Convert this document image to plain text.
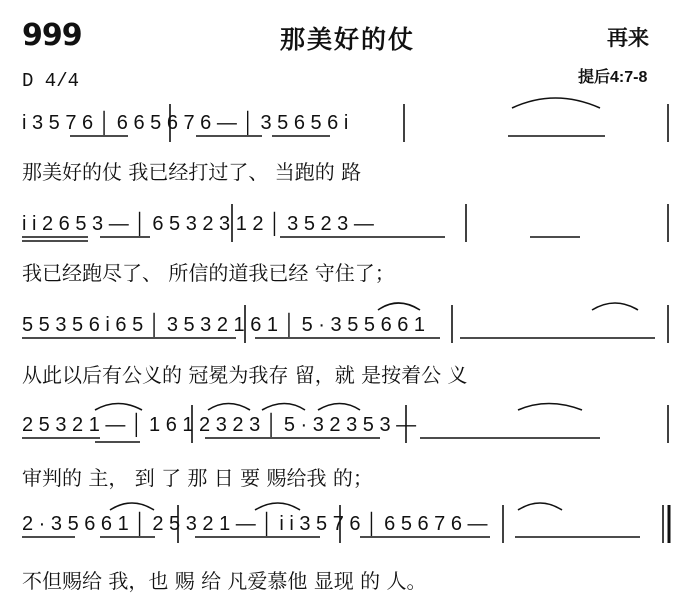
999	那美好的仗	再来
D 4/4	提后4:7-8
i 3 5 7 6 │ 6 6 5 6 7 6 — │ 3 5 6 5 6 i
那美好的仗 我已经打过了、 当跑的 路
i i 2 6 5 3 — │ 6 5 3 2 3 1 2 │ 3 5 2 3 —
我已经跑尽了、 所信的道我已经 守住了；
5 5 3 5 6 i 6 5 │ 3 5 3 2 1 6 1 │ 5 · 3 5 5 6 6 1
从此以后有公义的 冠冕为我存 留，就 是按着公 义
2 5 3 2 1 — │ 1 6 1 2 3 2 3 │ 5 · 3 2 3 5 3 —
审判的 主， 到 了 那 日 要 赐给我 的；
2 · 3 5 6 6 1 │ 2 5 3 2 1 — │ i i 3 5 7 6 │ 6 5 6 7 6 —
不但赐给 我，也 赐 给 凡爱慕他 显现 的 人。
